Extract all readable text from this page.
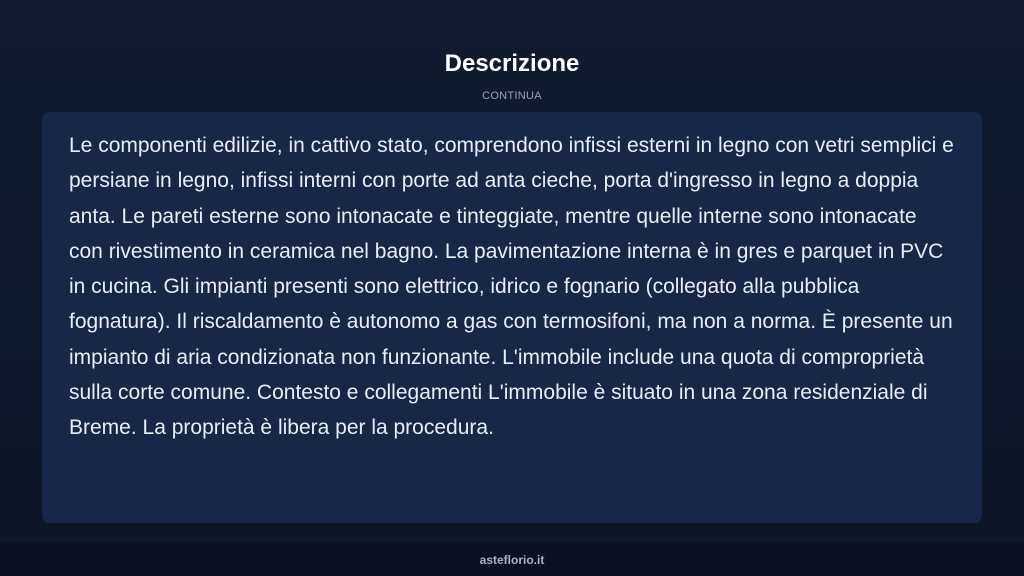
Descrizione
CONTINUA

Le componenti edilizie, in cattivo stato, comprendono infissi esterni in legno con vetri semplici e persiane in legno, infissi interni con porte ad anta cieche, porta d'ingresso in legno a doppia anta. Le pareti esterne sono intonacate e tinteggiate, mentre quelle interne sono intonacate con rivestimento in ceramica nel bagno. La pavimentazione interna è in gres e parquet in PVC in cucina. Gli impianti presenti sono elettrico, idrico e fognario (collegato alla pubblica fognatura). Il riscaldamento è autonomo a gas con termosifoni, ma non a norma. È presente un impianto di aria condizionata non funzionante. L'immobile include una quota di comproprietà sulla corte comune. Contesto e collegamenti L'immobile è situato in una zona residenziale di Breme. La proprietà è libera per la procedura.

asteflorio.it
